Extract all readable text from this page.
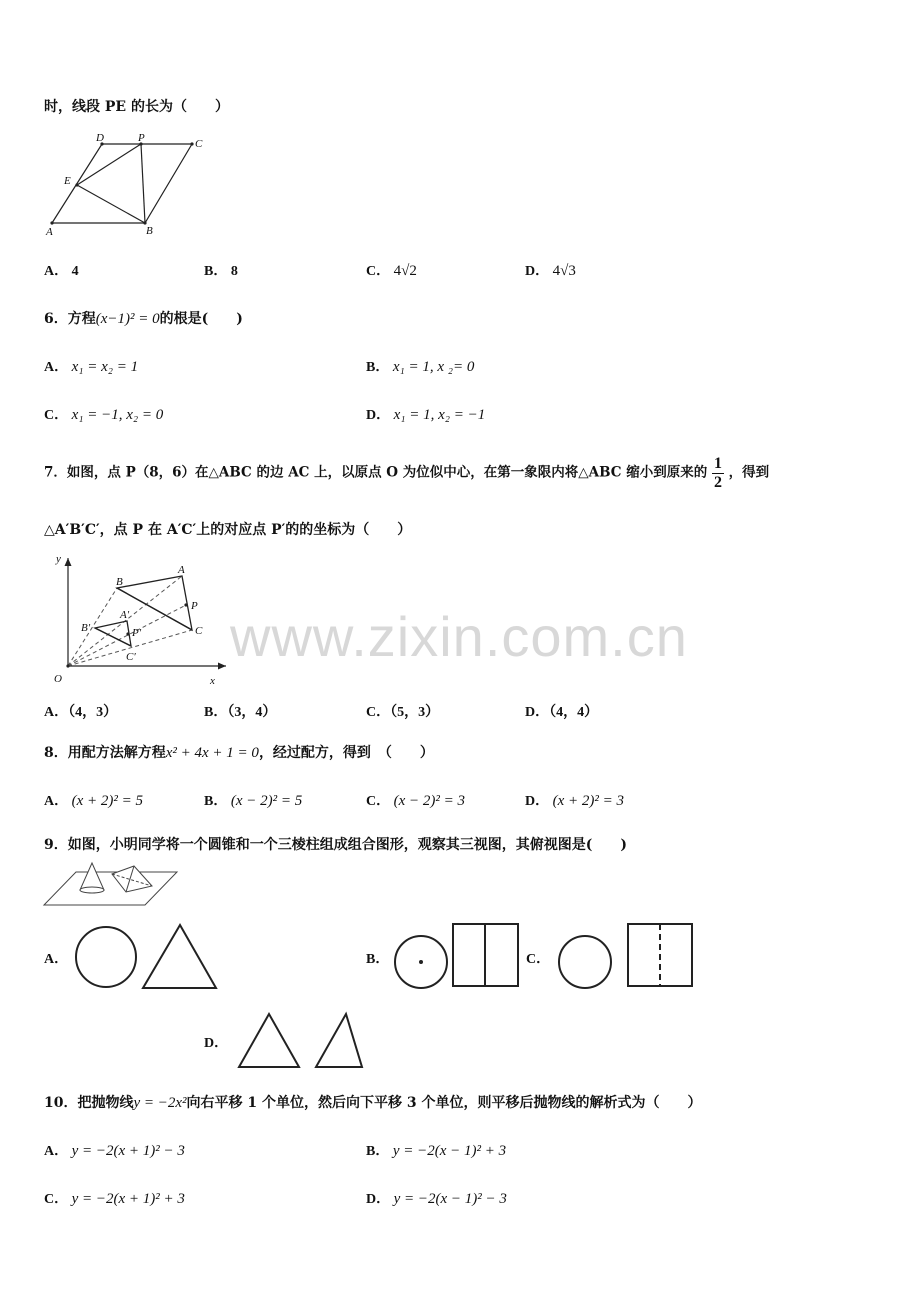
www.zixin.com.cn
时，线段 PE 的长为（　　）
D	P	C
E
A	B
A． 4	B． 8	C． 4√2	D． 4√3
6．方程(x−1)² = 0的根是(　　)
A． x₁ = x₂ = 1	B． x₁ = 1, x ₂= 0
C． x₁ = −1, x₂ = 0	D． x₁ = 1, x₂ = −1
7．如图，点 P（8，6）在△ABC 的边 AC 上，以原点 O 为位似中心，在第一象限内将△ABC 缩小到原来的 $\frac{1}{2}$ ，得到
△A′B′C′，点 P 在 A′C′上的对应点 P′的的坐标为（　　）
y
x
O
B
A
P
C
A′
B′	P′
C′
A．（4，3）	B．（3，4）	C．（5，3）	D．（4，4）
8．用配方法解方程x² + 4x + 1 = 0，经过配方，得到　（　　）
A． (x + 2)² = 5	B． (x − 2)² = 5	C． (x − 2)² = 3	D． (x + 2)² = 3
9．如图，小明同学将一个圆锥和一个三棱柱组成组合图形，观察其三视图，其俯视图是(　　)
A．	B．	C．
D．
10．把抛物线y = −2x²向右平移 1 个单位，然后向下平移 3 个单位，则平移后抛物线的解析式为（　　）
A． y = −2(x + 1)² − 3	B． y = −2(x − 1)² + 3
C． y = −2(x + 1)² + 3	D． y = −2(x − 1)² − 3
